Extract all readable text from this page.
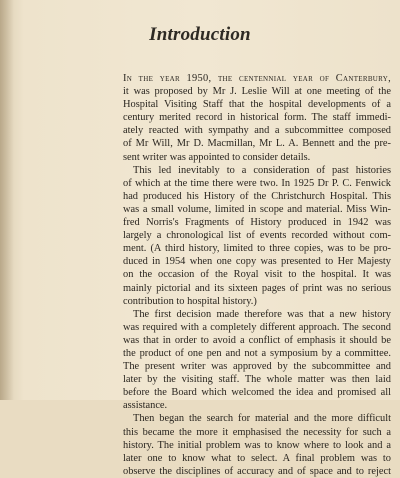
Introduction
In the year 1950, the centennial year of Canterbury,
it was proposed by Mr J. Leslie Will at one meeting of the
Hospital Visiting Staff that the hospital developments of a
century merited record in historical form. The staff immedi-
ately reacted with sympathy and a subcommittee composed
of Mr Will, Mr D. Macmillan, Mr L. A. Bennett and the pre-
sent writer was appointed to consider details.
This led inevitably to a consideration of past histories
of which at the time there were two. In 1925 Dr P. C. Fenwick
had produced his History of the Christchurch Hospital. This
was a small volume, limited in scope and material. Miss Win-
fred Norris's Fragments of History produced in 1942 was
largely a chronological list of events recorded without com-
ment. (A third history, limited to three copies, was to be pro-
duced in 1954 when one copy was presented to Her Majesty
on the occasion of the Royal visit to the hospital. It was
mainly pictorial and its sixteen pages of print was no serious
contribution to hospital history.)
The first decision made therefore was that a new history
was required with a completely different approach. The second
was that in order to avoid a conflict of emphasis it should be
the product of one pen and not a symposium by a committee.
The present writer was approved by the subcommittee and
later by the visiting staff. The whole matter was then laid
before the Board which welcomed the idea and promised all
assistance.
Then began the search for material and the more difficult
this became the more it emphasised the necessity for such a
history. The initial problem was to know where to look and a
later one to know what to select. A final problem was to
observe the disciplines of accuracy and of space and to reject
